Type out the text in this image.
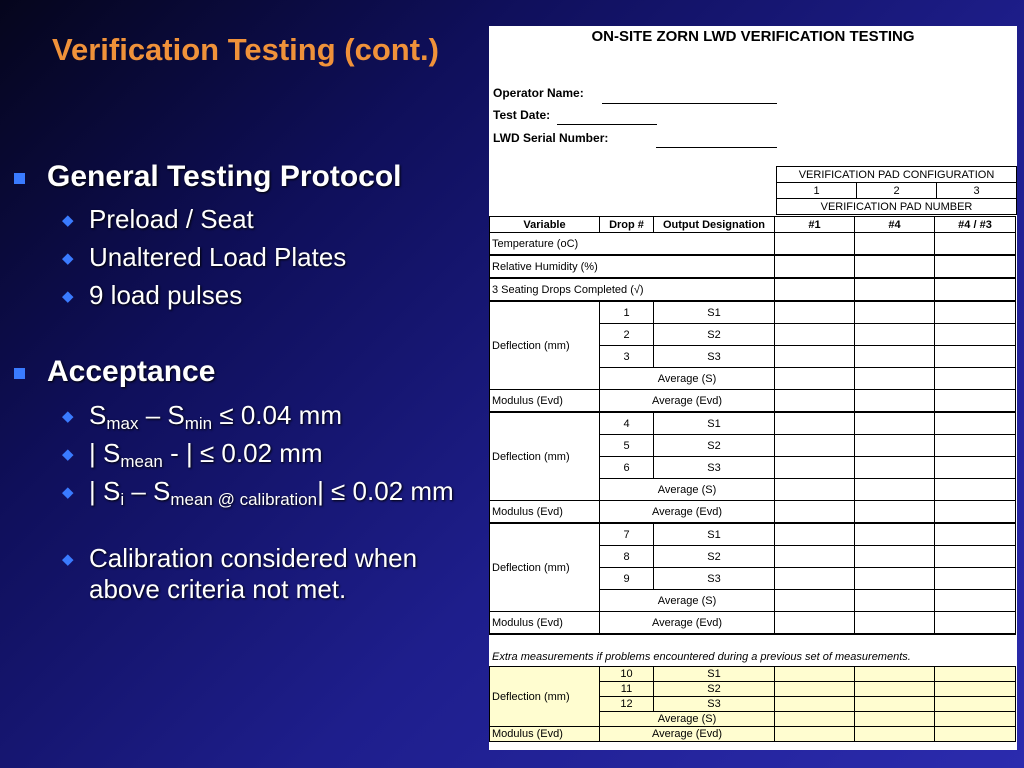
Verification Testing (cont.)
General Testing Protocol
◆ Preload / Seat
◆ Unaltered Load Plates
◆ 9 load pulses
Acceptance
◆ $S_{max} - S_{min} \le 0.04$ mm
◆ | $S_{mean}$ - | ≤ 0.02 mm
◆ | $S_i - S_{mean @ calibration}| \le 0.02$ mm
◆ Calibration considered when above criteria not met.
ON-SITE ZORN LWD VERIFICATION TESTING
Operator Name:
Test Date:
LWD Serial Number:
VERIFICATION PAD CONFIGURATION
1	2	3
VERIFICATION PAD NUMBER
Variable	Drop #	Output Designation	#1	#4	#4 / #3
Temperature (oC)					
Relative Humidity (%)					
3 Seating Drops Completed (√)					
Deflection (mm)	1	S1			
	2	S2			
	3	S3			
	Average (S)				
Modulus (Evd)	Average (Evd)				
Deflection (mm)	4	S1			
	5	S2			
	6	S3			
	Average (S)				
Modulus (Evd)	Average (Evd)				
Deflection (mm)	7	S1			
	8	S2			
	9	S3			
	Average (S)				
Modulus (Evd)	Average (Evd)				
Extra measurements if problems encountered during a previous set of measurements.
Deflection (mm)	10	S1			
	11	S2			
	12	S3			
	Average (S)				
Modulus (Evd)	Average (Evd)				
